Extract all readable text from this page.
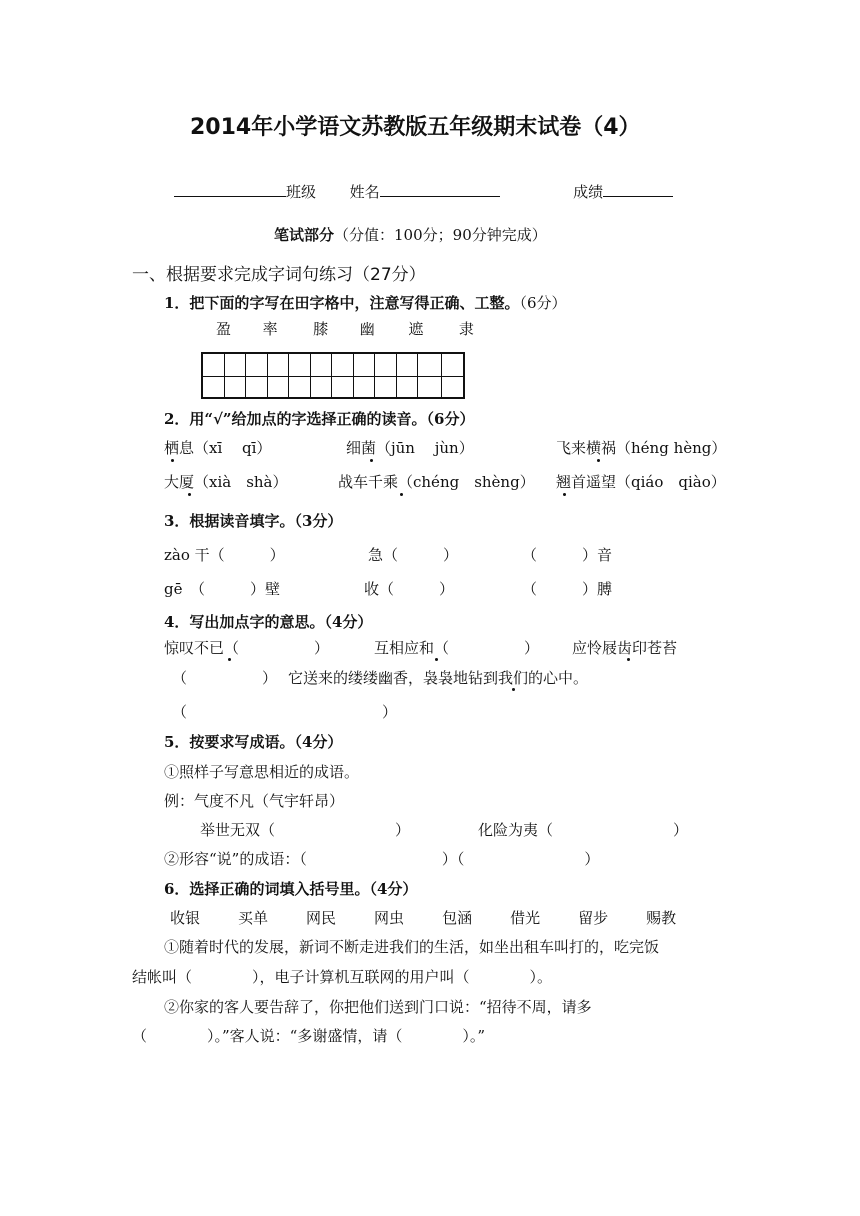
2014年小学语文苏教版五年级期末试卷（4）
班级 姓名	成绩
笔试部分（分值：100分；90分钟完成）
一、根据要求完成字词句练习（27分）
1．把下面的字写在田字格中，注意写得正确、工整。（6分）
盈 率 膝 幽 遮 隶
2．用“√”给加点的字选择正确的读音。（6分）
栖息（xī　 qī）	细菌（jūn　 jùn）	飞来横祸（héng hèng）
大厦（xià　shà）	战车千乘（chéng　shèng） 翘首遥望（qiáo　qiào）
3．根据读音填字。（3分）
zào 干（　　　）	急（　　　）	（　　　）音
gē　（　　　）壁	收（　　　）	（　　　）膊
4．写出加点字的意思。（4分）
惊叹不已（　　　　　）	互相应和（　　　　　） 应怜屐齿印苍苔
（　　　　　） 它送来的缕缕幽香，袅袅地钻到我们的心中。
（　　　　　　　　　　　　　）
5．按要求写成语。（4分）
①照样子写意思相近的成语。
例：气度不凡（气宇轩昂）
举世无双（　　　　　　　　）	化险为夷（　　　　　　　　）
②形容“说”的成语：（　　　　　　　　　）（　　　　　　　　）
6．选择正确的词填入括号里。（4分）
收银	买单	网民	网虫	包涵	借光	留步	赐教
①随着时代的发展，新词不断走进我们的生活，如坐出租车叫打的，吃完饭
结帐叫（　　　　），电子计算机互联网的用户叫（　　　　）。
②你家的客人要告辞了，你把他们送到门口说：“招待不周，请多
（　　　　）。”客人说：“多谢盛情，请（　　　　）。”
